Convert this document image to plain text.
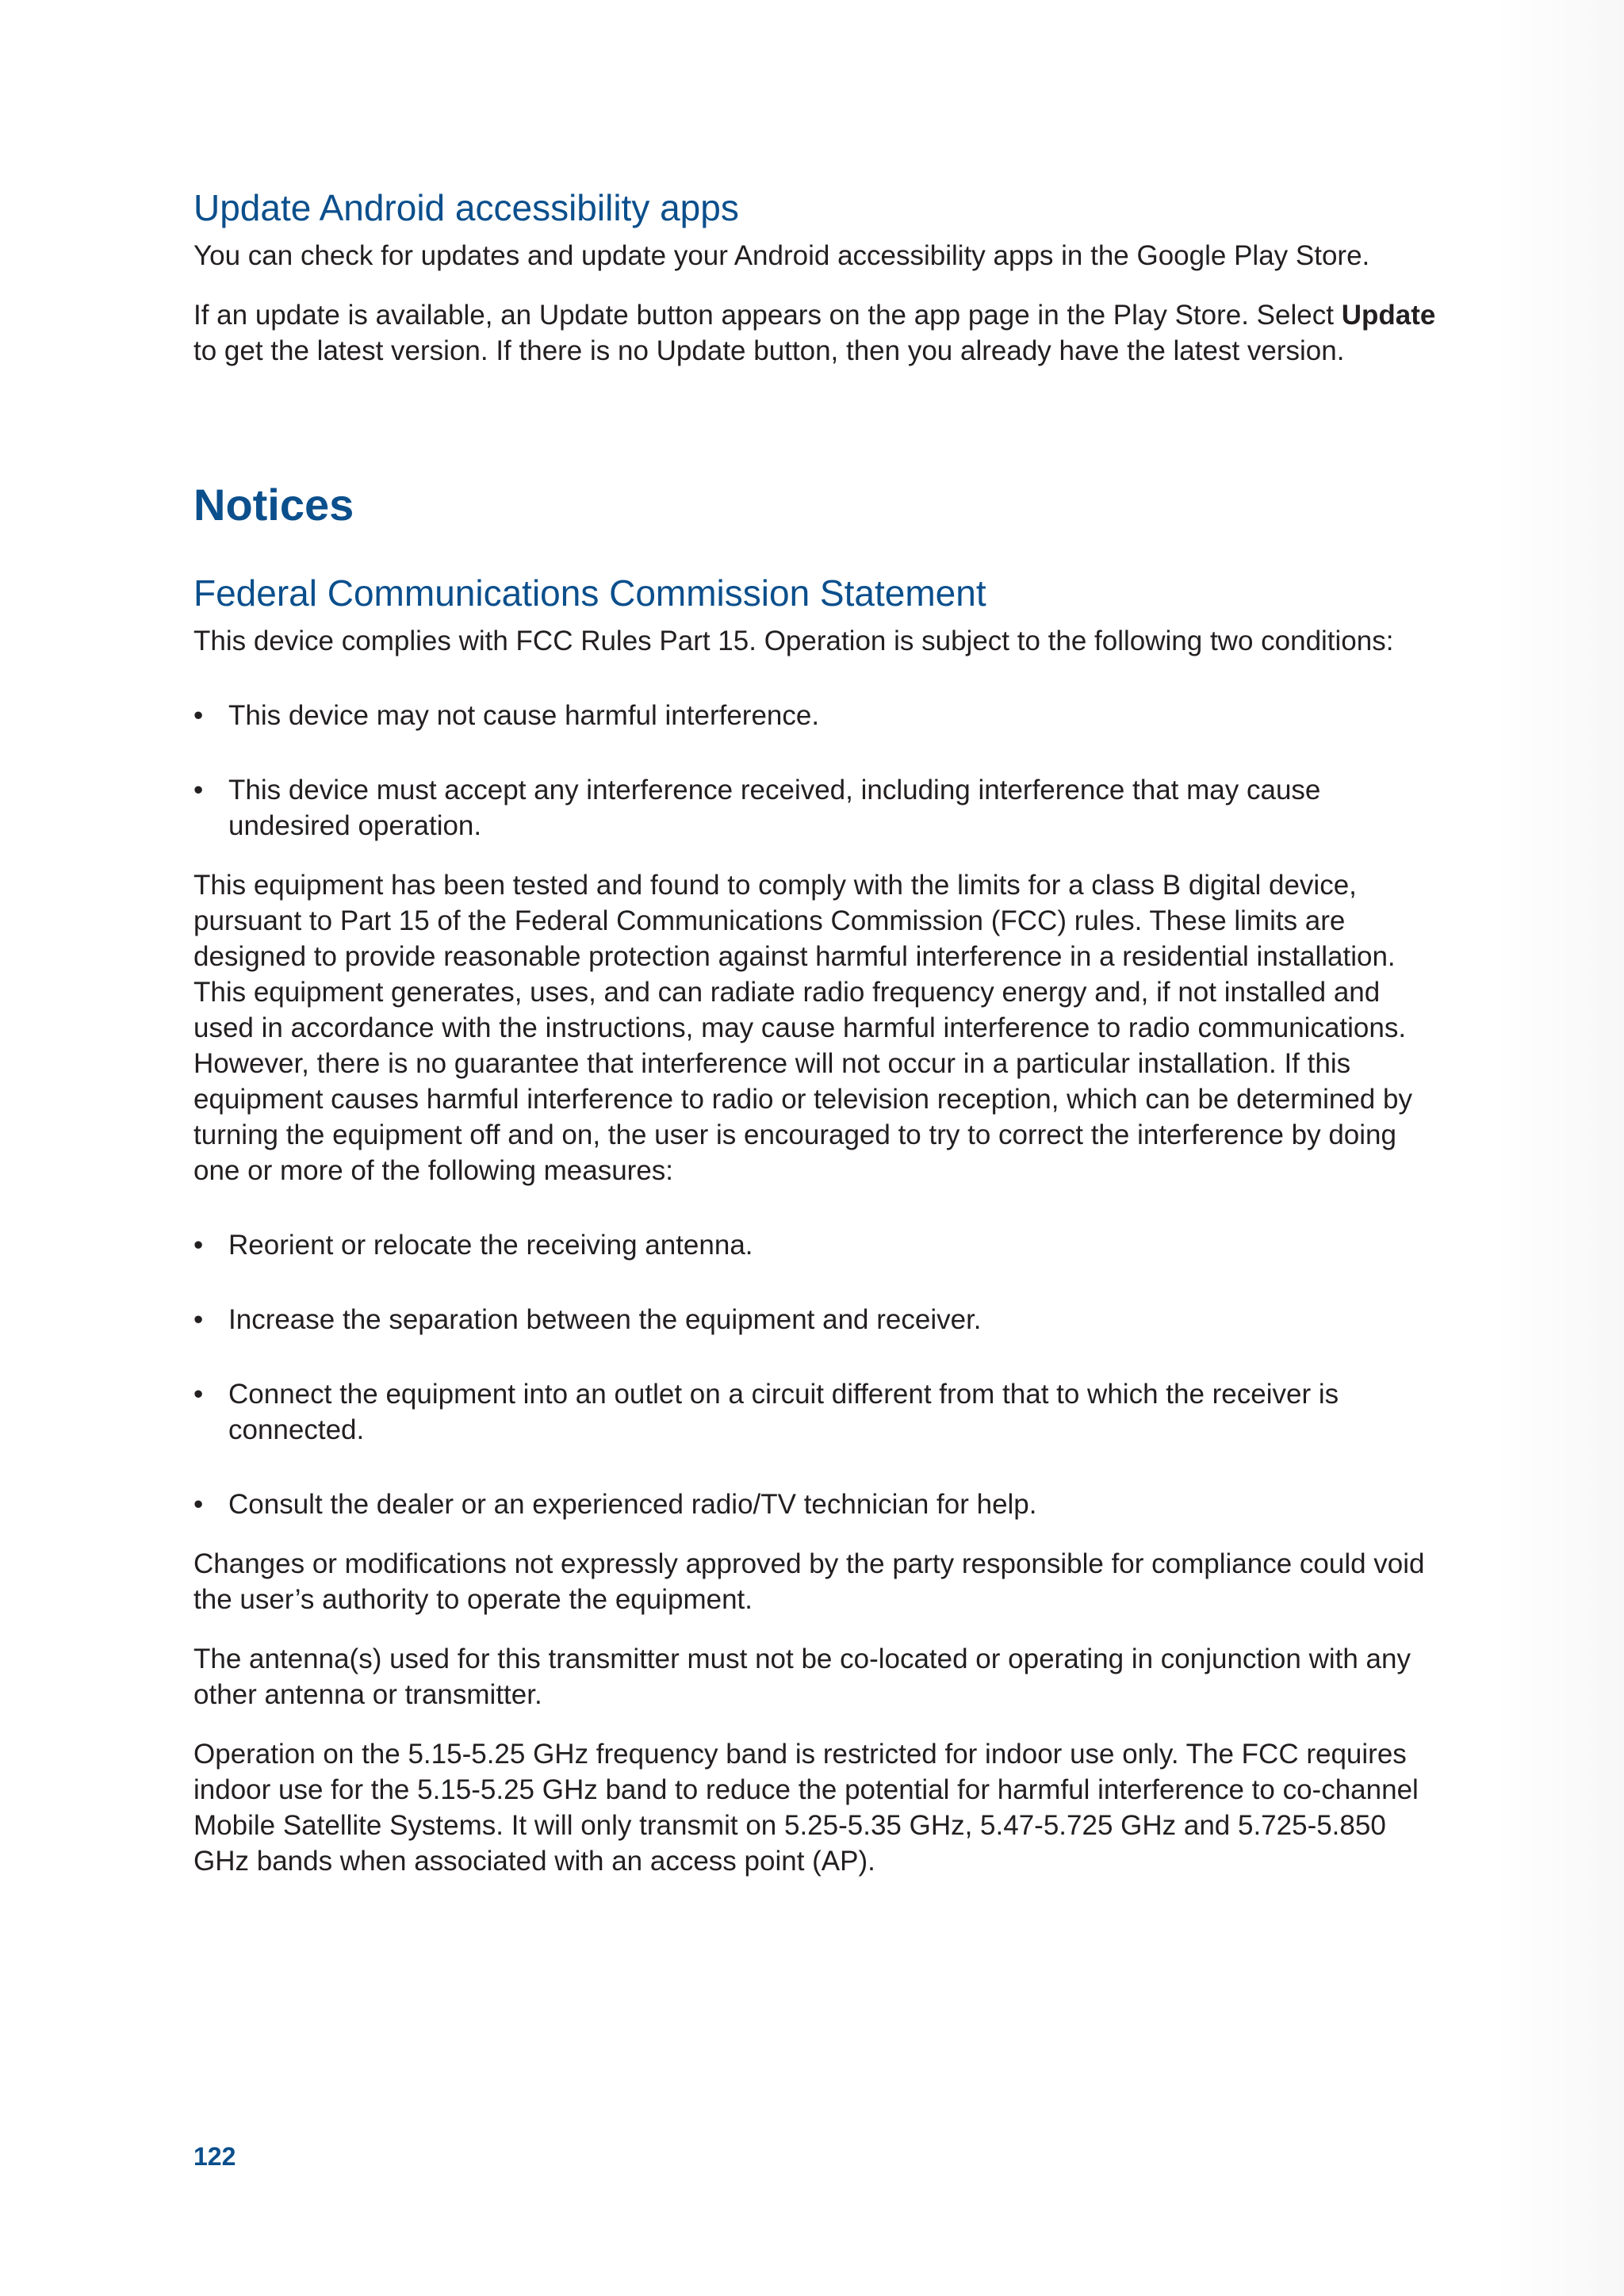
Update Android accessibility apps

You can check for updates and update your Android accessibility apps in the Google Play Store.

If an update is available, an Update button appears on the app page in the Play Store. Select Update to get the latest version. If there is no Update button, then you already have the latest version.

Notices
Federal Communications Commission Statement

This device complies with FCC Rules Part 15. Operation is subject to the following two conditions:

• This device may not cause harmful interference.
• This device must accept any interference received, including interference that may cause undesired operation.

This equipment has been tested and found to comply with the limits for a class B digital device, pursuant to Part 15 of the Federal Communications Commission (FCC) rules. These limits are designed to provide reasonable protection against harmful interference in a residential installation. This equipment generates, uses, and can radiate radio frequency energy and, if not installed and used in accordance with the instructions, may cause harmful interference to radio communications. However, there is no guarantee that interference will not occur in a particular installation. If this equipment causes harmful interference to radio or television reception, which can be determined by turning the equipment off and on, the user is encouraged to try to correct the interference by doing one or more of the following measures:

• Reorient or relocate the receiving antenna.
• Increase the separation between the equipment and receiver.
• Connect the equipment into an outlet on a circuit different from that to which the receiver is connected.
• Consult the dealer or an experienced radio/TV technician for help.

Changes or modifications not expressly approved by the party responsible for compliance could void the user’s authority to operate the equipment.

The antenna(s) used for this transmitter must not be co-located or operating in conjunction with any other antenna or transmitter.

Operation on the 5.15-5.25 GHz frequency band is restricted for indoor use only. The FCC requires indoor use for the 5.15-5.25 GHz band to reduce the potential for harmful interference to co-channel Mobile Satellite Systems. It will only transmit on 5.25-5.35 GHz, 5.47-5.725 GHz and 5.725-5.850 GHz bands when associated with an access point (AP).

122
